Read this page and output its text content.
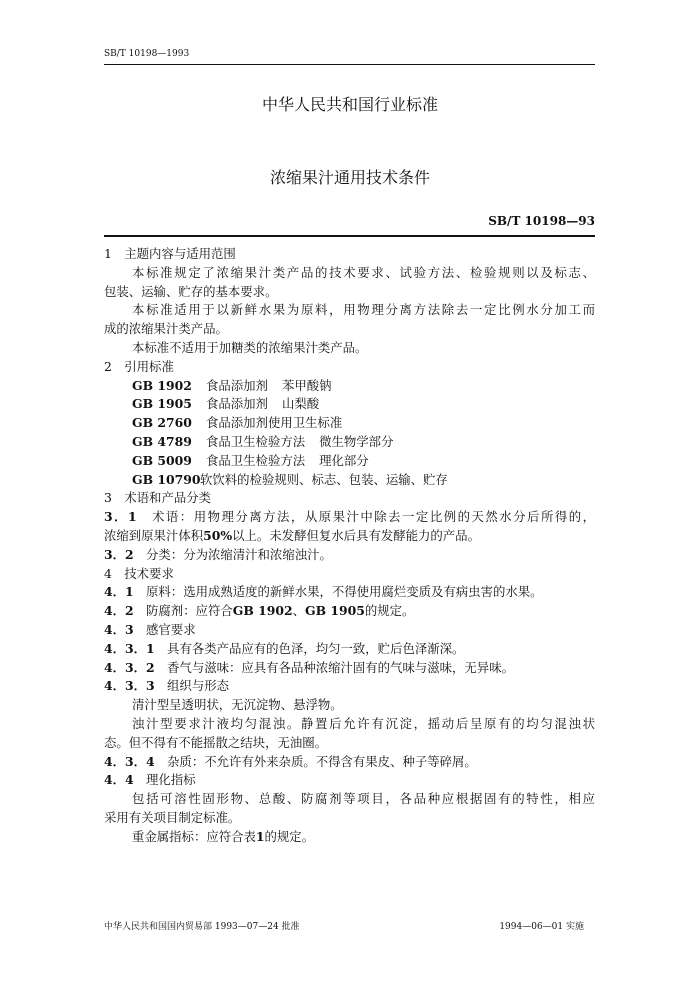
SB/T 10198—1993
中华人民共和国行业标准
浓缩果汁通用技术条件
SB/T 10198—93
1　主题内容与适用范围
本标准规定了浓缩果汁类产品的技术要求、试验方法、检验规则以及标志、
包装、运输、贮存的基本要求。
本标准适用于以新鲜水果为原料，用物理分离方法除去一定比例水分加工而
成的浓缩果汁类产品。
本标准不适用于加糖类的浓缩果汁类产品。
2　引用标准
GB 1902 食品添加剂 苯甲酸钠
GB 1905 食品添加剂 山梨酸
GB 2760 食品添加剂使用卫生标准
GB 4789 食品卫生检验方法 微生物学部分
GB 5009 食品卫生检验方法 理化部分
GB 10790软饮料的检验规则、标志、包装、运输、贮存
3　术语和产品分类
3．1　 术语：用物理分离方法，从原果汁中除去一定比例的天然水分后所得的，
浓缩到原果汁体积50%以上。未发酵但复水后具有发酵能力的产品。
3．2　 分类：分为浓缩清汁和浓缩浊汁。
4　技术要求
4．1　 原料：选用成熟适度的新鲜水果，不得使用腐烂变质及有病虫害的水果。
4．2　 防腐剂：应符合GB 1902、GB 1905的规定。
4．3　 感官要求
4．3．1　 具有各类产品应有的色泽，均匀一致，贮后色泽渐深。
4．3．2　 香气与滋味：应具有各品种浓缩汁固有的气味与滋味，无异味。
4．3．3　 组织与形态
清汁型呈透明状，无沉淀物、悬浮物。
浊汁型要求汁液均匀混浊。静置后允许有沉淀，摇动后呈原有的均匀混浊状
态。但不得有不能摇散之结块，无油圈。
4．3．4　 杂质：不允许有外来杂质。不得含有果皮、种子等碎屑。
4．4　 理化指标
包括可溶性固形物、总酸、防腐剂等项目，各品种应根据固有的特性，相应
采用有关项目制定标准。
重金属指标：应符合表1的规定。
中华人民共和国国内贸易部 1993—07—24 批准	1994—06—01 实施
